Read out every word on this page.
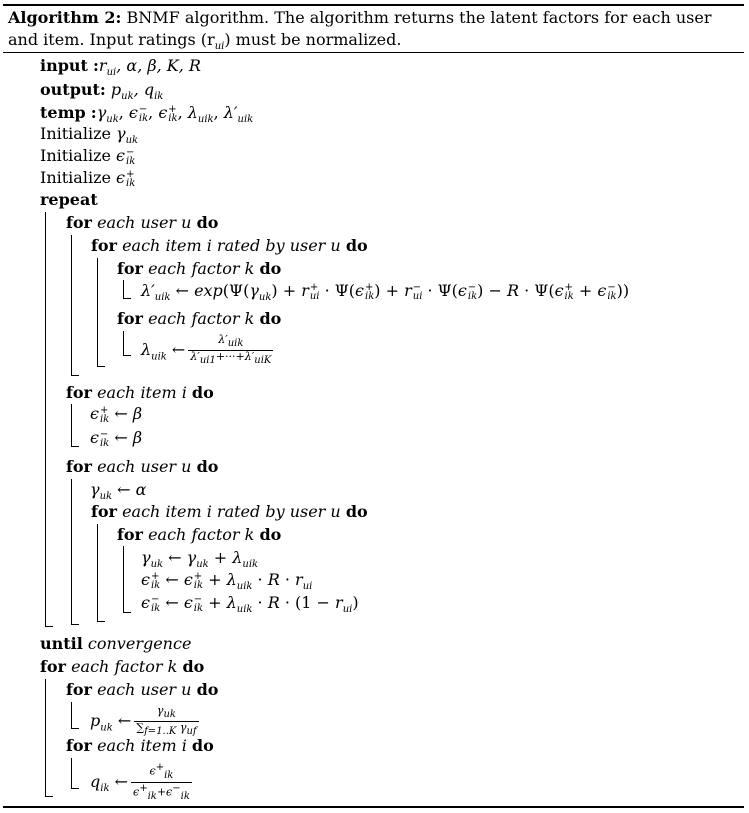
Algorithm 2: BNMF algorithm. The algorithm returns the latent factors for each user and item. Input ratings $(r_{ui})$ must be normalized.
input $:r_{ui}$, α, β, K, R
output: $p_{uk}$, $q_{ik}$
temp $:\gamma_{uk}$, ϵ −
ik , ϵ +
ik , $\lambda_{uik}$, $\lambda'_{uik}$
Initialize $\gamma_{uk}$
Initialize ϵ −
ik
Initialize ϵ +
ik
repeat
for each user u do
for each item i rated by user u do
for each factor k do
$\lambda'_{uik}$ ← $\exp(\Psi(\gamma_{uk}) + r$ +
ui · Ψ(ϵ +
ik ) + r −
ui · Ψ(ϵ −
ik ) − R · Ψ(ϵ +
ik + ϵ −
ik ))
for each factor k do
$\lambda_{uik}$ ← $\frac{\lambda'_{uik}}{\lambda'_{ui1}+\cdot\cdot\cdot+\lambda'_{uiK}}$
for each item i do
ϵ +
ik ← β
ϵ −
ik ← β
for each user u do
$\gamma_{uk}$ ← α
for each item i rated by user u do
for each factor k do
$\gamma_{uk}$ ← $\gamma_{uk} + \lambda_{uik}$
ϵ +
ik ← ϵ +
ik + $\lambda_{uik} \cdot R \cdot r_{ui}$
ϵ −
ik ← ϵ −
ik + $\lambda_{uik} \cdot R \cdot (1 - r_{ui})$
until convergence
for each factor k do
for each user u do
$p_{uk}$ ← $\frac{\gamma_{uk}}{\sum_{f=1..K} \gamma_{uf}}$
for each item i do
$q_{ik}$ ← $\frac{\epsilon^+_{ik}}{\epsilon^+_{ik}+\epsilon^-_{ik}}$
